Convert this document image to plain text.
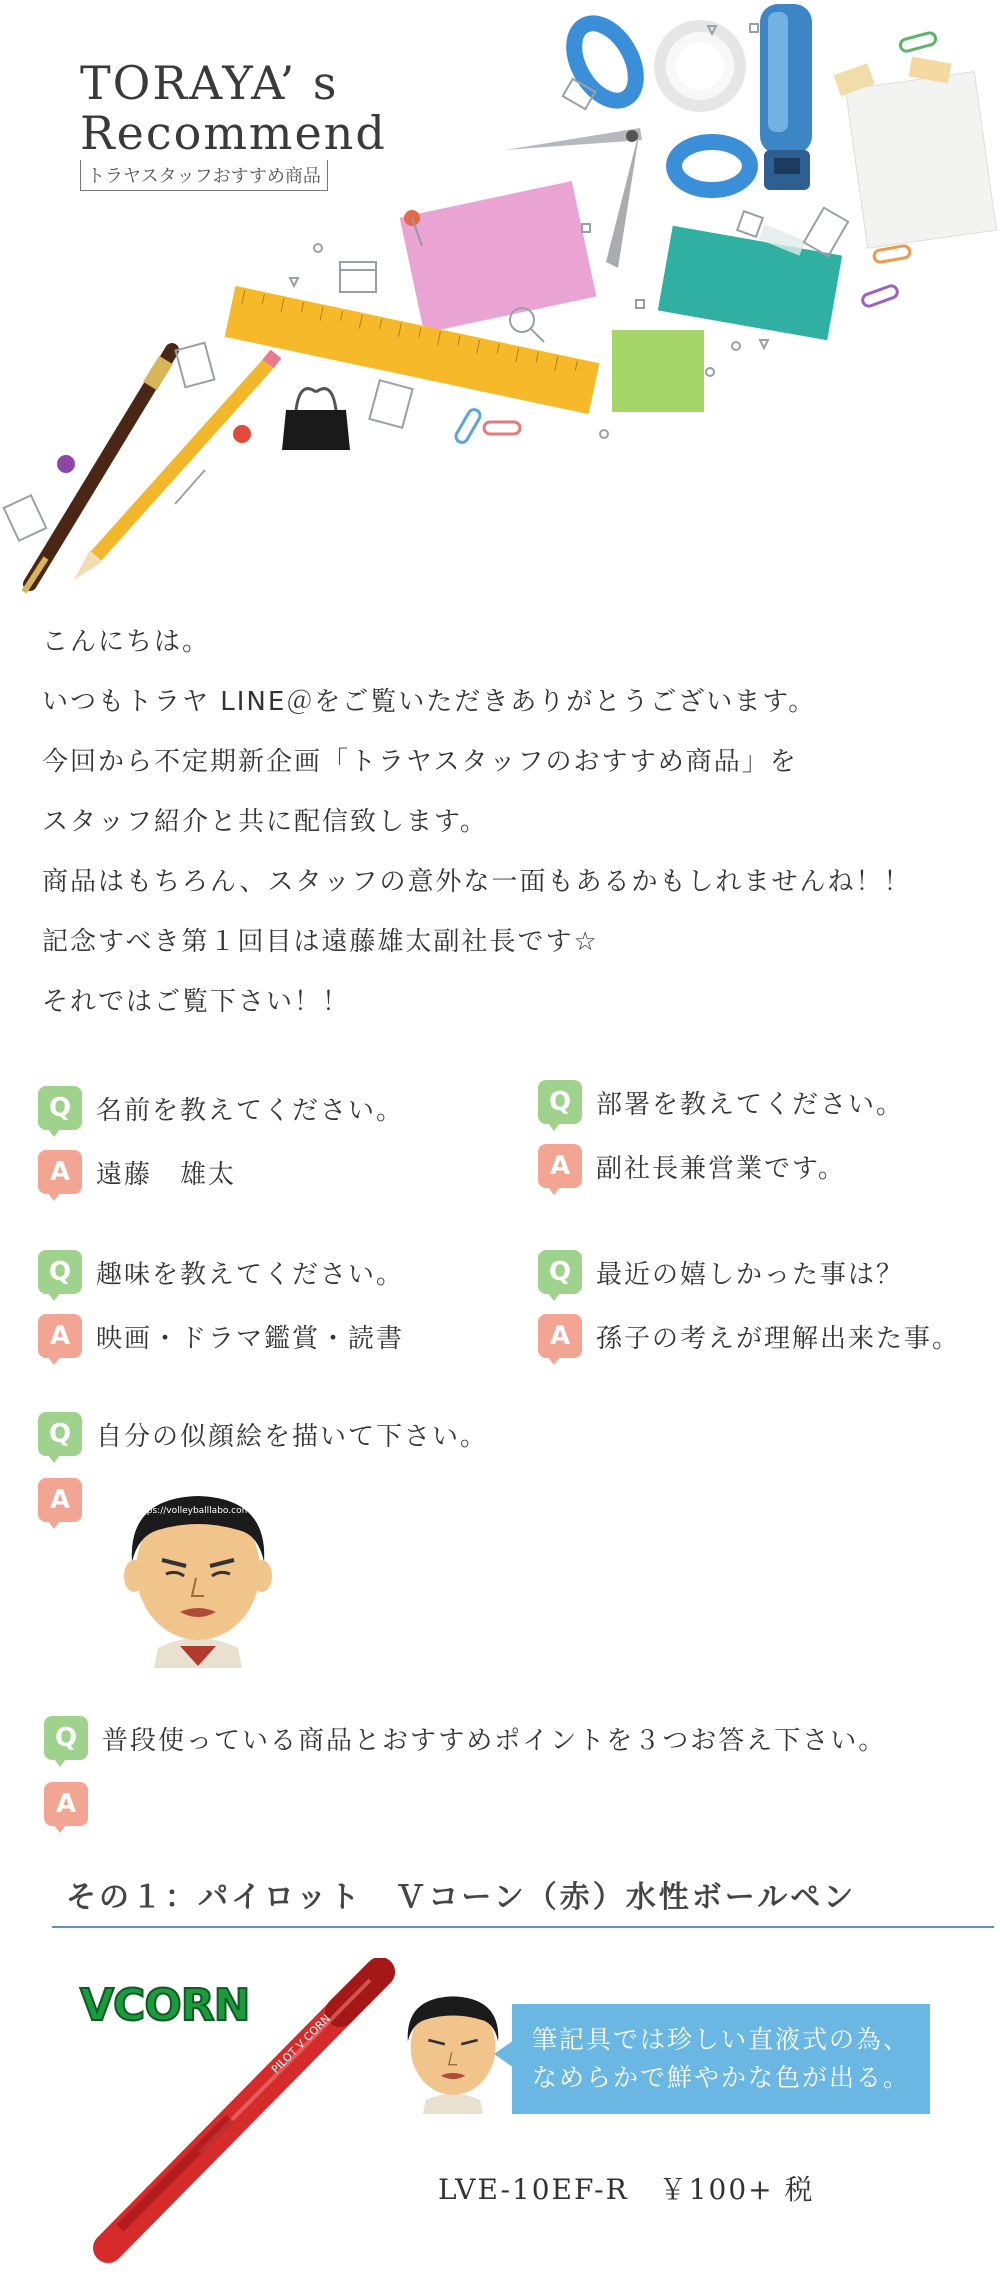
TORAYA’ s
Recommend
トラヤスタッフおすすめ商品

こんにちは。

いつもトラヤ LINE＠をご覧いただきありがとうございます。

今回から不定期新企画「トラヤスタッフのおすすめ商品」を

スタッフ紹介と共に配信致します。

商品はもちろん、スタッフの意外な一面もあるかもしれませんね！！

記念すべき第１回目は遠藤雄太副社長です☆

それではご覧下さい！！

Q 名前を教えてください。
A 遠藤　雄太
Q 部署を教えてください。
A 副社長兼営業です。
Q 趣味を教えてください。
A 映画・ドラマ鑑賞・読書
Q 最近の嬉しかった事は？
A 孫子の考えが理解出来た事。
Q 自分の似顔絵を描いて下さい。
A	https://volleyballlabo.com/
Q 普段使っている商品とおすすめポイントを３つお答え下さい。
A
その１：パイロット　Ｖコーン（赤）水性ボールペン
VCORN
PILOT V CORN	筆記具では珍しい直液式の為、
なめらかで鮮やかな色が出る。
LVE-10EF-R　￥100+ 税
